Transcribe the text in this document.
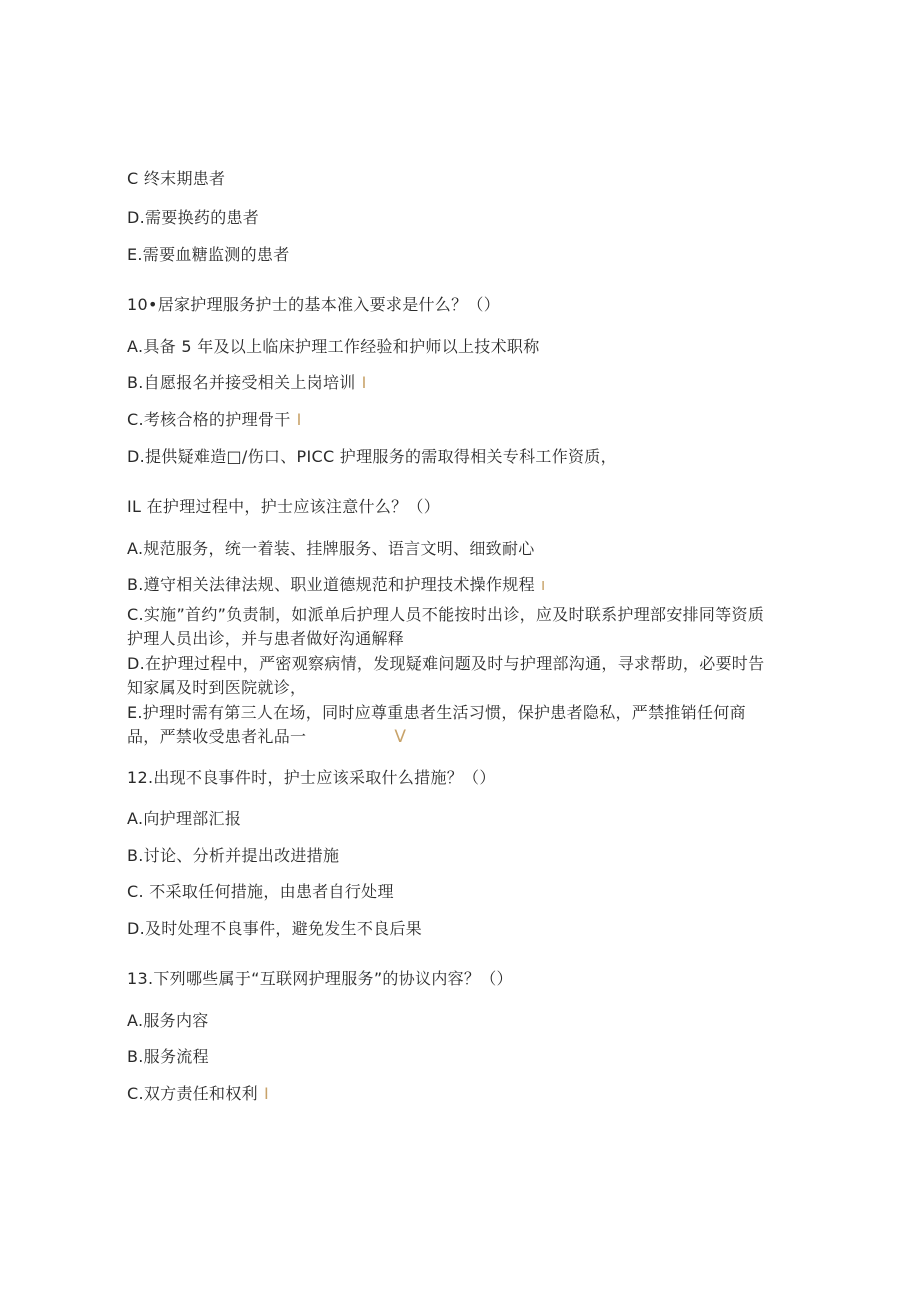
C 终末期患者
D.需要换药的患者
E.需要血糖监测的患者
10•居家护理服务护士的基本准入要求是什么？（）
A.具备 5 年及以上临床护理工作经验和护师以上技术职称
B.自愿报名并接受相关上岗培训 I
C.考核合格的护理骨干 I
D.提供疑难造□/伤口、PICC 护理服务的需取得相关专科工作资质，
IL 在护理过程中，护士应该注意什么？（）
A.规范服务，统一着装、挂牌服务、语言文明、细致耐心
B.遵守相关法律法规、职业道德规范和护理技术操作规程 ı
C.实施”首约”负责制，如派单后护理人员不能按时出诊，应及时联系护理部安排同等资质护理人员出诊，并与患者做好沟通解释
D.在护理过程中，严密观察病情，发现疑难问题及时与护理部沟通，寻求帮助，必要时告知家属及时到医院就诊，
E.护理时需有第三人在场，同时应尊重患者生活习惯，保护患者隐私，严禁推销任何商品，严禁收受患者礼品一	V
12.出现不良事件时，护士应该采取什么措施？（）
A.向护理部汇报
B.讨论、分析并提出改进措施
C. 不采取任何措施，由患者自行处理
D.及时处理不良事件，避免发生不良后果
13.下列哪些属于“互联网护理服务”的协议内容？（）
A.服务内容
B.服务流程
C.双方责任和权利 I
